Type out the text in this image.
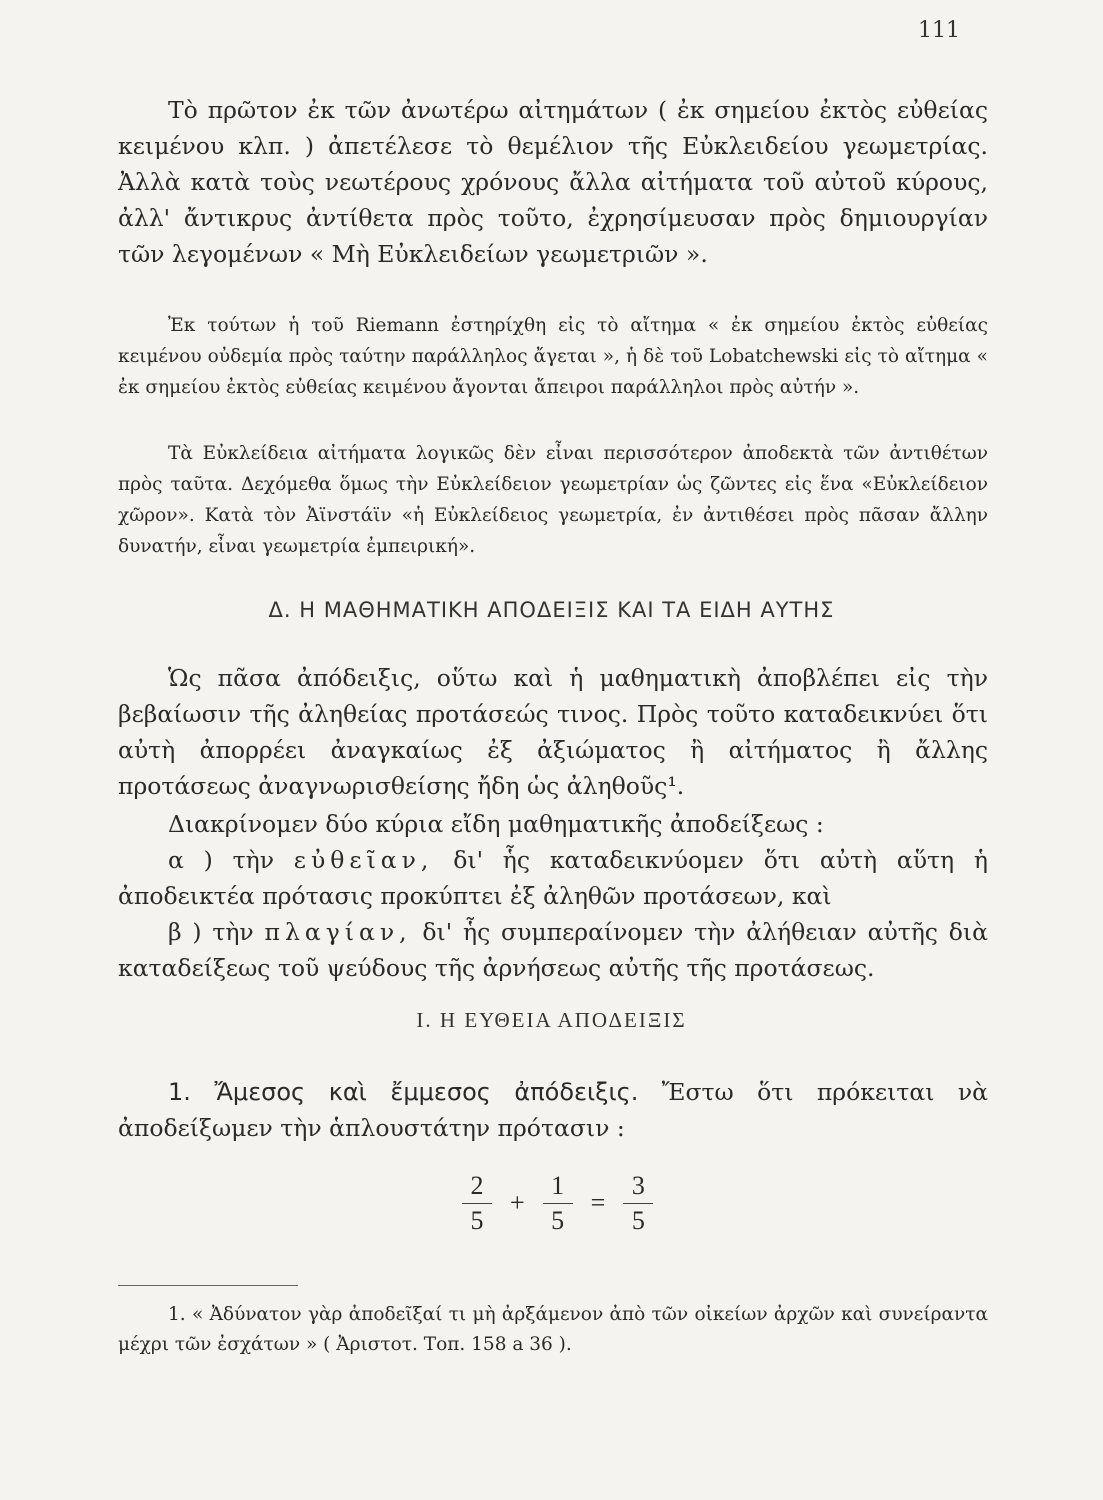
111
Τὸ πρῶτον ἐκ τῶν ἀνωτέρω αἰτημάτων ( ἐκ σημείου ἐκτὸς εὐθείας κειμένου κλπ. ) ἀπετέλεσε τὸ θεμέλιον τῆς Εὐκλειδείου γεωμετρίας. Ἀλλὰ κατὰ τοὺς νεωτέρους χρόνους ἄλλα αἰτήματα τοῦ αὐτοῦ κύρους, ἀλλ' ἄντικρυς ἀντίθετα πρὸς τοῦτο, ἐχρησίμευσαν πρὸς δημιουργίαν τῶν λεγομένων « Μὴ Εὐκλειδείων γεωμετριῶν ».
Ἐκ τούτων ἡ τοῦ Riemann ἐστηρίχθη εἰς τὸ αἴτημα « ἐκ σημείου ἐκτὸς εὐθείας κειμένου οὐδεμία πρὸς ταύτην παράλληλος ἄγεται », ἡ δὲ τοῦ Lobatchewski εἰς τὸ αἴτημα « ἐκ σημείου ἐκτὸς εὐθείας κειμένου ἄγονται ἄπειροι παράλληλοι πρὸς αὐτήν ».
Τὰ Εὐκλείδεια αἰτήματα λογικῶς δὲν εἶναι περισσότερον ἀποδεκτὰ τῶν ἀντιθέτων πρὸς ταῦτα. Δεχόμεθα ὅμως τὴν Εὐκλείδειον γεωμετρίαν ὡς ζῶντες εἰς ἕνα «Εὐκλείδειον χῶρον». Κατὰ τὸν Ἀϊνστάϊν «ἡ Εὐκλείδειος γεωμετρία, ἐν ἀντιθέσει πρὸς πᾶσαν ἄλλην δυνατήν, εἶναι γεωμετρία ἐμπειρική».
Δ. Η ΜΑΘΗΜΑΤΙΚΗ ΑΠΟΔΕΙΞΙΣ ΚΑΙ ΤΑ ΕΙΔΗ ΑΥΤΗΣ
Ὡς πᾶσα ἀπόδειξις, οὕτω καὶ ἡ μαθηματικὴ ἀποβλέπει εἰς τὴν βεβαίωσιν τῆς ἀληθείας προτάσεώς τινος. Πρὸς τοῦτο καταδεικνύει ὅτι αὐτὴ ἀπορρέει ἀναγκαίως ἐξ ἀξιώματος ἢ αἰτήματος ἢ ἄλλης προτάσεως ἀναγνωρισθείσης ἤδη ὡς ἀληθοῦς¹.
Διακρίνομεν δύο κύρια εἴδη μαθηματικῆς ἀποδείξεως :
α ) τὴν εὐθεῖαν, δι' ἧς καταδεικνύομεν ὅτι αὐτὴ αὕτη ἡ ἀποδεικτέα πρότασις προκύπτει ἐξ ἀληθῶν προτάσεων, καὶ
β ) τὴν πλαγίαν, δι' ἧς συμπεραίνομεν τὴν ἀλήθειαν αὐτῆς διὰ καταδείξεως τοῦ ψεύδους τῆς ἀρνήσεως αὐτῆς τῆς προτάσεως.
Ι. Η ΕΥΘΕΙΑ ΑΠΟΔΕΙΞΙΣ
1. Ἄμεσος καὶ ἔμμεσος ἀπόδειξις. Ἔστω ὅτι πρόκειται νὰ ἀποδείξωμεν τὴν ἁπλουστάτην πρότασιν :
$\frac{2}{5} + \frac{1}{5} = \frac{3}{5}$
1. « Ἀδύνατον γὰρ ἀποδεῖξαί τι μὴ ἀρξάμενον ἀπὸ τῶν οἰκείων ἀρχῶν καὶ συνείραντα μέχρι τῶν ἐσχάτων » ( Ἀριστοτ. Τοπ. 158 a 36 ).
